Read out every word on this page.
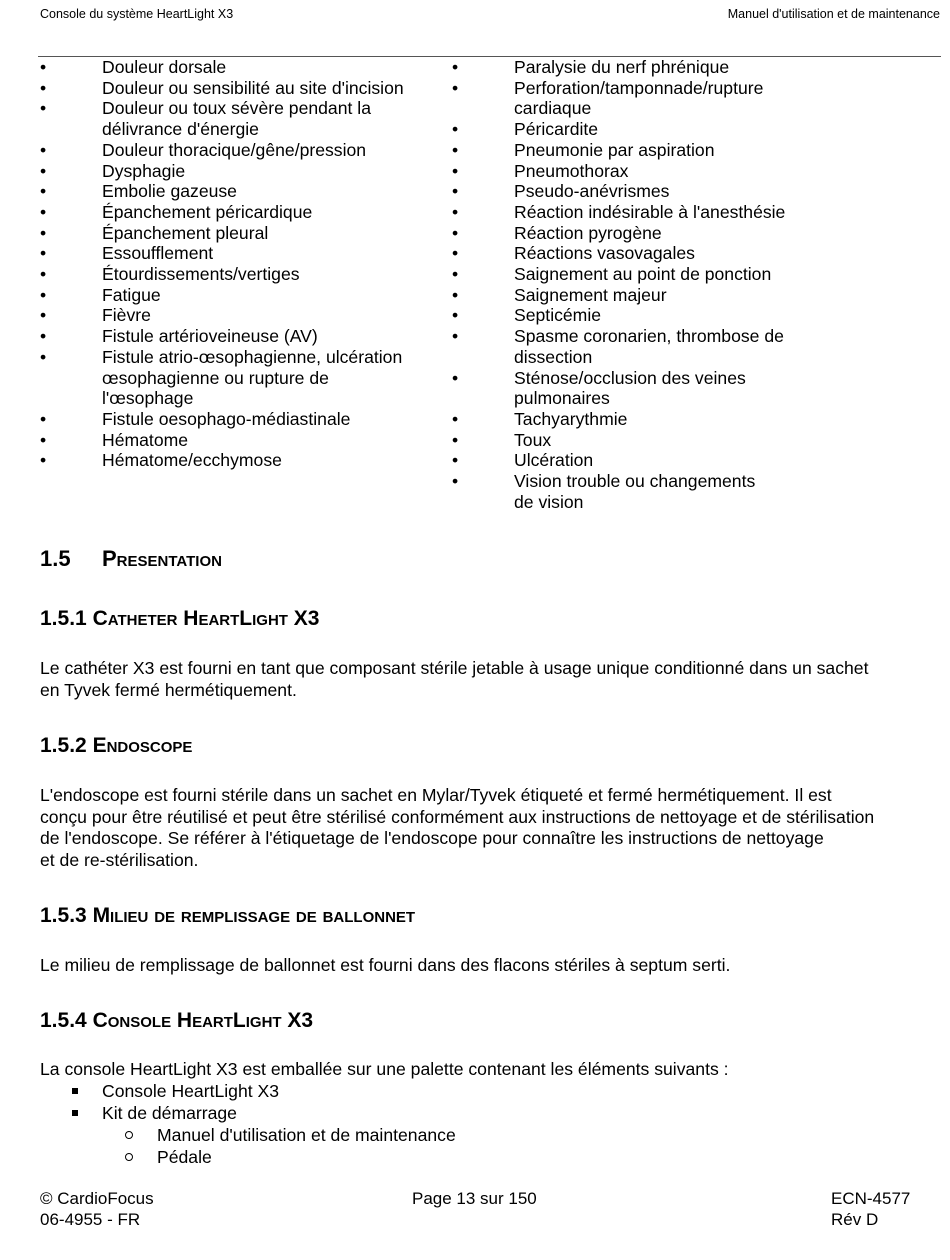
Console du système HeartLight X3	Manuel d'utilisation et de maintenance
•	Douleur dorsale
•	Douleur ou sensibilité au site d'incision
•	Douleur ou toux sévère pendant la
délivrance d'énergie
•	Douleur thoracique/gêne/pression
•	Dysphagie
•	Embolie gazeuse
•	Épanchement péricardique
•	Épanchement pleural
•	Essoufflement
•	Étourdissements/vertiges
•	Fatigue
•	Fièvre
•	Fistule artérioveineuse (AV)
•	Fistule atrio-œsophagienne, ulcération
œsophagienne ou rupture de
l'œsophage
•	Fistule oesophago-médiastinale
•	Hématome
•	Hématome/ecchymose
•	Paralysie du nerf phrénique
•	Perforation/tamponnade/rupture
cardiaque
•	Péricardite
•	Pneumonie par aspiration
•	Pneumothorax
•	Pseudo-anévrismes
•	Réaction indésirable à l'anesthésie
•	Réaction pyrogène
•	Réactions vasovagales
•	Saignement au point de ponction
•	Saignement majeur
•	Septicémie
•	Spasme coronarien, thrombose de
dissection
•	Sténose/occlusion des veines
pulmonaires
•	Tachyarythmie
•	Toux
•	Ulcération
•	Vision trouble ou changements
de vision
1.5 Presentation
1.5.1 Catheter HeartLight X3

Le cathéter X3 est fourni en tant que composant stérile jetable à usage unique conditionné dans un sachet
en Tyvek fermé hermétiquement.

1.5.2 Endoscope

L'endoscope est fourni stérile dans un sachet en Mylar/Tyvek étiqueté et fermé hermétiquement. Il est
conçu pour être réutilisé et peut être stérilisé conformément aux instructions de nettoyage et de stérilisation
de l'endoscope. Se référer à l'étiquetage de l'endoscope pour connaître les instructions de nettoyage
et de re-stérilisation.

1.5.3 Milieu de remplissage de ballonnet

Le milieu de remplissage de ballonnet est fourni dans des flacons stériles à septum serti.

1.5.4 Console HeartLight X3

La console HeartLight X3 est emballée sur une palette contenant les éléments suivants :

Console HeartLight X3
Kit de démarrage
Manuel d'utilisation et de maintenance
Pédale
© CardioFocus
06-4955 - FR
Page 13 sur 150	ECN-4577
Rév D
